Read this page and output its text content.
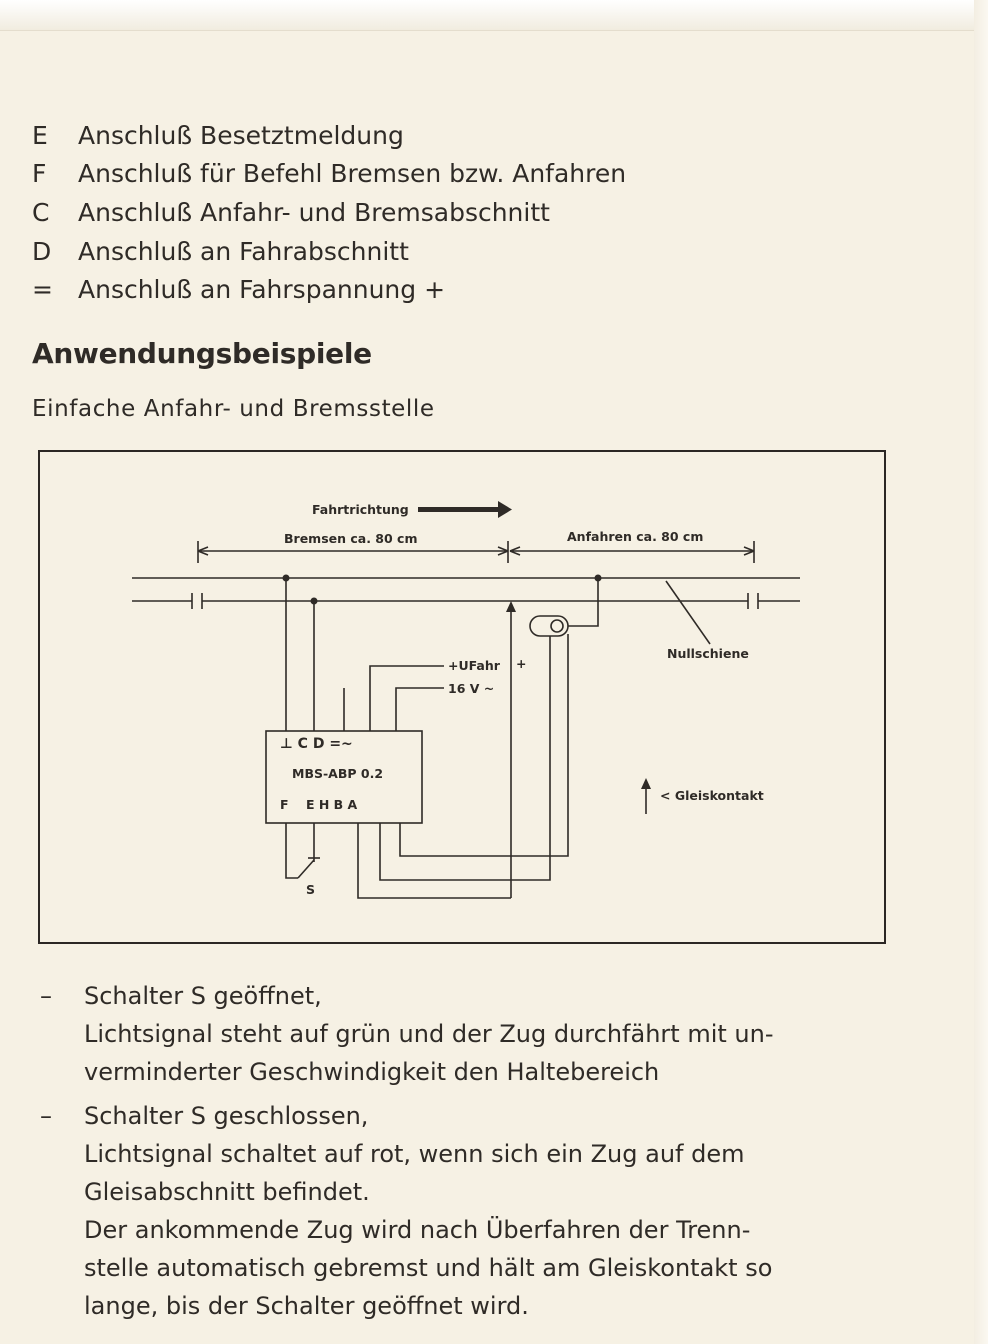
E	Anschluß Besetztmeldung
F	Anschluß für Befehl Bremsen bzw. Anfahren
C	Anschluß Anfahr- und Bremsabschnitt
D	Anschluß an Fahrabschnitt
=	Anschluß an Fahrspannung +
Anwendungsbeispiele
Einfache Anfahr- und Bremsstelle
Fahrtrichtung
Bremsen ca. 80 cm	Anfahren ca. 80 cm
Nullschiene
+UFahr +
16 V ~
⊥ C D =~
MBS-ABP 0.2
F    E H B A
< Gleiskontakt
S
– Schalter S geöffnet,
Lichtsignal steht auf grün und der Zug durchfährt mit un-
verminderter Geschwindigkeit den Haltebereich
– Schalter S geschlossen,
Lichtsignal schaltet auf rot, wenn sich ein Zug auf dem
Gleisabschnitt befindet.
Der ankommende Zug wird nach Überfahren der Trenn-
stelle automatisch gebremst und hält am Gleiskontakt so
lange, bis der Schalter geöffnet wird.
